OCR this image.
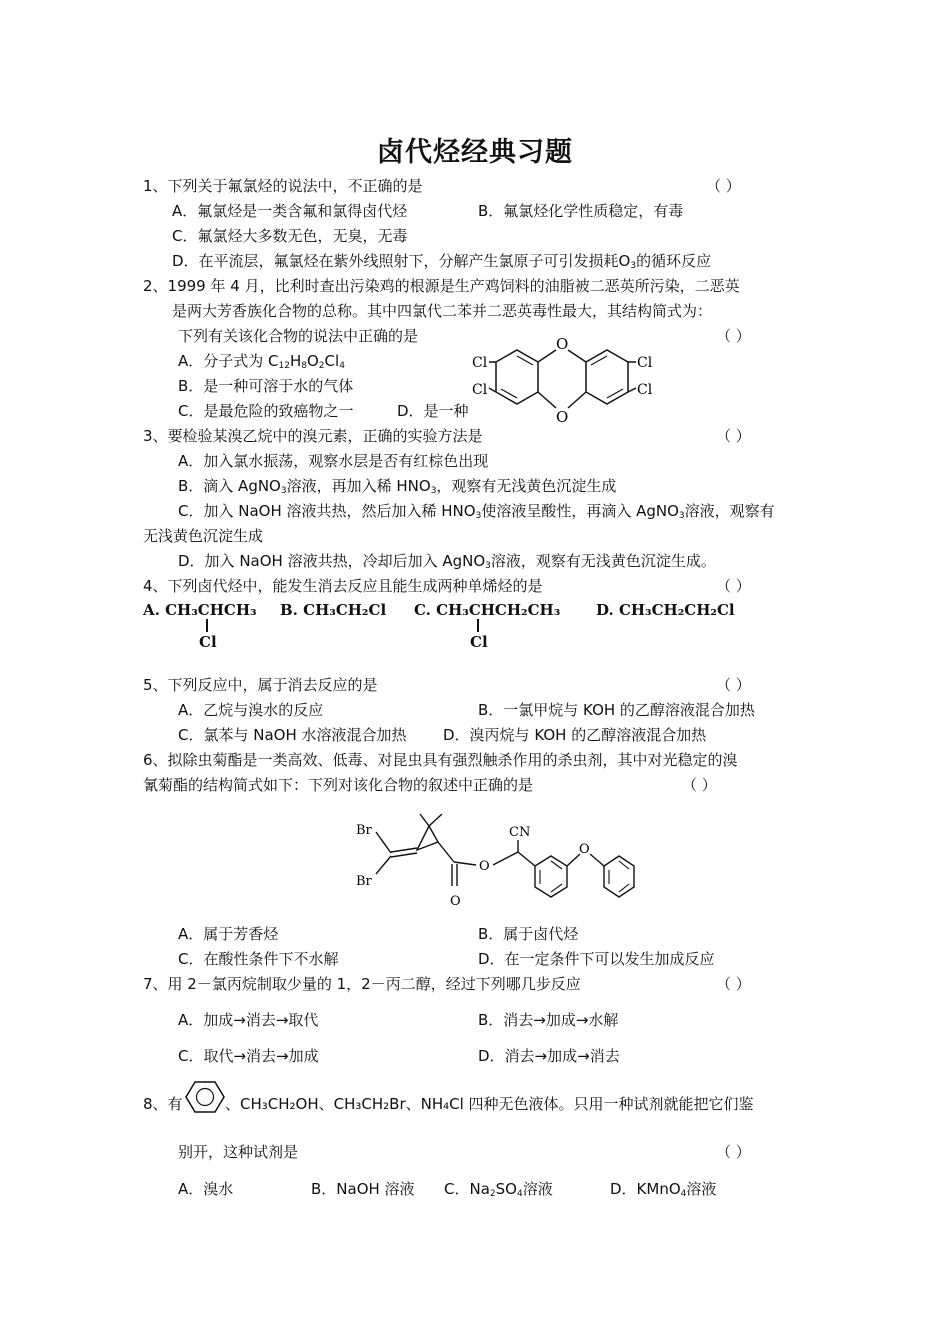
卤代烃经典习题
1、下列关于氟氯烃的说法中，不正确的是	（ ）
A．氟氯烃是一类含氟和氯得卤代烃	B．氟氯烃化学性质稳定，有毒
C．氟氯烃大多数无色，无臭，无毒
D．在平流层，氟氯烃在紫外线照射下，分解产生氯原子可引发损耗$O_3$的循环反应
2、1999 年 4 月，比利时查出污染鸡的根源是生产鸡饲料的油脂被二恶英所污染，二恶英
是两大芳香族化合物的总称。其中四氯代二苯并二恶英毒性最大，其结构简式为：
下列有关该化合物的说法中正确的是	（ ）
A．分子式为 $C_{12}H_8O_2Cl_4$
B．是一种可溶于水的气体
C．是最危险的致癌物之一	D．是一种
O
O
Cl
Cl
Cl
Cl
3、要检验某溴乙烷中的溴元素，正确的实验方法是	（ ）
A．加入氯水振荡，观察水层是否有红棕色出现
B．滴入 AgNO$_3$溶液，再加入稀 $HNO_3$，观察有无浅黄色沉淀生成
C．加入 NaOH 溶液共热，然后加入稀 $HNO_3$使溶液呈酸性，再滴入 AgNO$_3$溶液，观察有
无浅黄色沉淀生成
D．加入 NaOH 溶液共热，冷却后加入 AgNO$_3$溶液，观察有无浅黄色沉淀生成。
4、下列卤代烃中，能发生消去反应且能生成两种单烯烃的是	（ ）
A. CH₃CHCH₃
Cl
B. CH₃CH₂Cl C. CH₃CHCH₂CH₃
Cl
D. CH₃CH₂CH₂Cl
5、下列反应中，属于消去反应的是	（ ）
A．乙烷与溴水的反应	B．一氯甲烷与 KOH 的乙醇溶液混合加热
C．氯苯与 NaOH 水溶液混合加热 D．溴丙烷与 KOH 的乙醇溶液混合加热
6、拟除虫菊酯是一类高效、低毒、对昆虫具有强烈触杀作用的杀虫剂，其中对光稳定的溴
氰菊酯的结构简式如下：下列对该化合物的叙述中正确的是	（ ）
Br
Br
O
O
CN
O
A．属于芳香烃	B．属于卤代烃
C．在酸性条件下不水解	D．在一定条件下可以发生加成反应
7、用 2－氯丙烷制取少量的 1，2－丙二醇，经过下列哪几步反应	（ ）
A．加成→消去→取代	B．消去→加成→水解
C．取代→消去→加成	D．消去→加成→消去
8、有	、CH₃CH₂OH、CH₃CH₂Br、NH₄Cl 四种无色液体。只用一种试剂就能把它们鉴
别开，这种试剂是	（ ）
A．溴水	B．NaOH 溶液 C．$Na_2SO_4$溶液	D．KMnO$_4$溶液
